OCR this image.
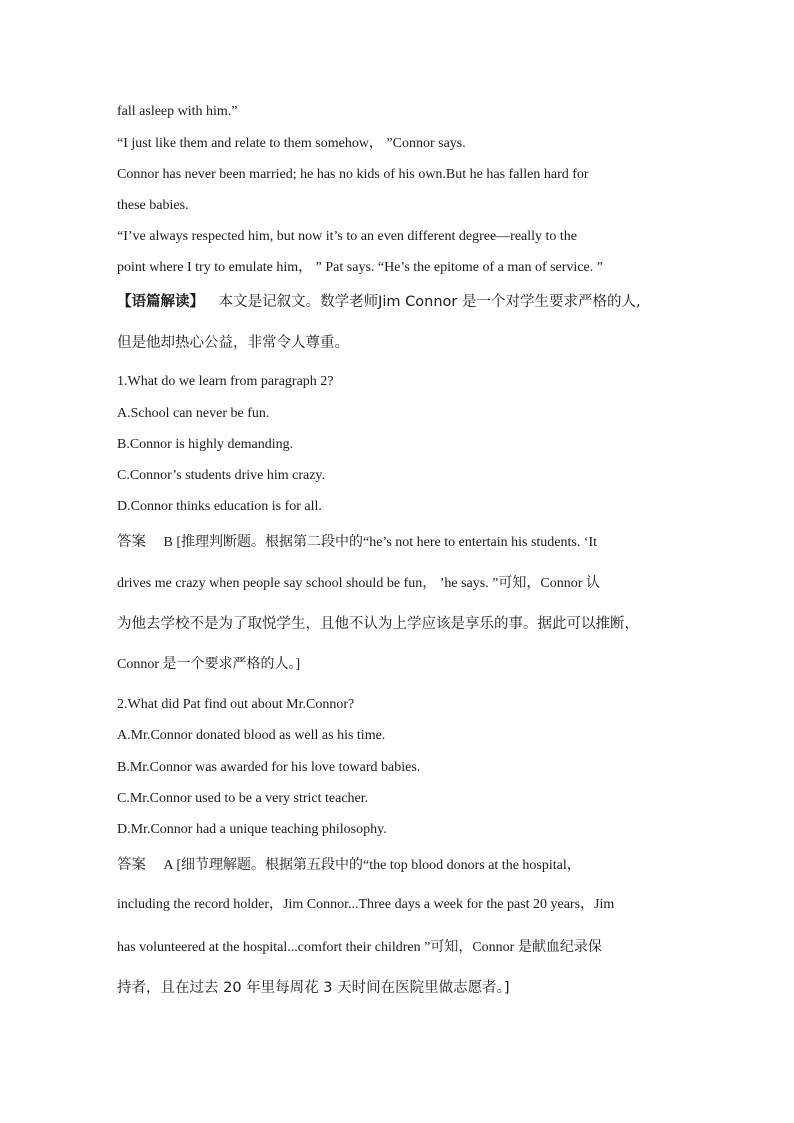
fall asleep with him.”
“I just like them and relate to them somehow， ”Connor says.
Connor has never been married; he has no kids of his own.But he has fallen hard for
these babies.
“I’ve always respected him, but now it’s to an even different degree—really to the
point where I try to emulate him， ” Pat says. “He’s the epitome of a man of service. ”
【语篇解读】 本文是记叙文。数学老师Jim Connor 是一个对学生要求严格的人,
但是他却热心公益，非常令人尊重。
1.What do we learn from paragraph 2?
A.School can never be fun.
B.Connor is highly demanding.
C.Connor’s students drive him crazy.
D.Connor thinks education is for all.
答案 B [推理判断题。根据第二段中的“he’s not here to entertain his students. ‘It
drives me crazy when people say school should be fun， ’he says. ”可知，Connor 认
为他去学校不是为了取悦学生，且他不认为上学应该是享乐的事。据此可以推断，
Connor 是一个要求严格的人。]
2.What did Pat find out about Mr.Connor?
A.Mr.Connor donated blood as well as his time.
B.Mr.Connor was awarded for his love toward babies.
C.Mr.Connor used to be a very strict teacher.
D.Mr.Connor had a unique teaching philosophy.
答案 A [细节理解题。根据第五段中的“the top blood donors at the hospital，
including the record holder，Jim Connor...Three days a week for the past 20 years，Jim
has volunteered at the hospital...comfort their children ”可知，Connor 是献血纪录保
持者，且在过去 20 年里每周花 3 天时间在医院里做志愿者。]
